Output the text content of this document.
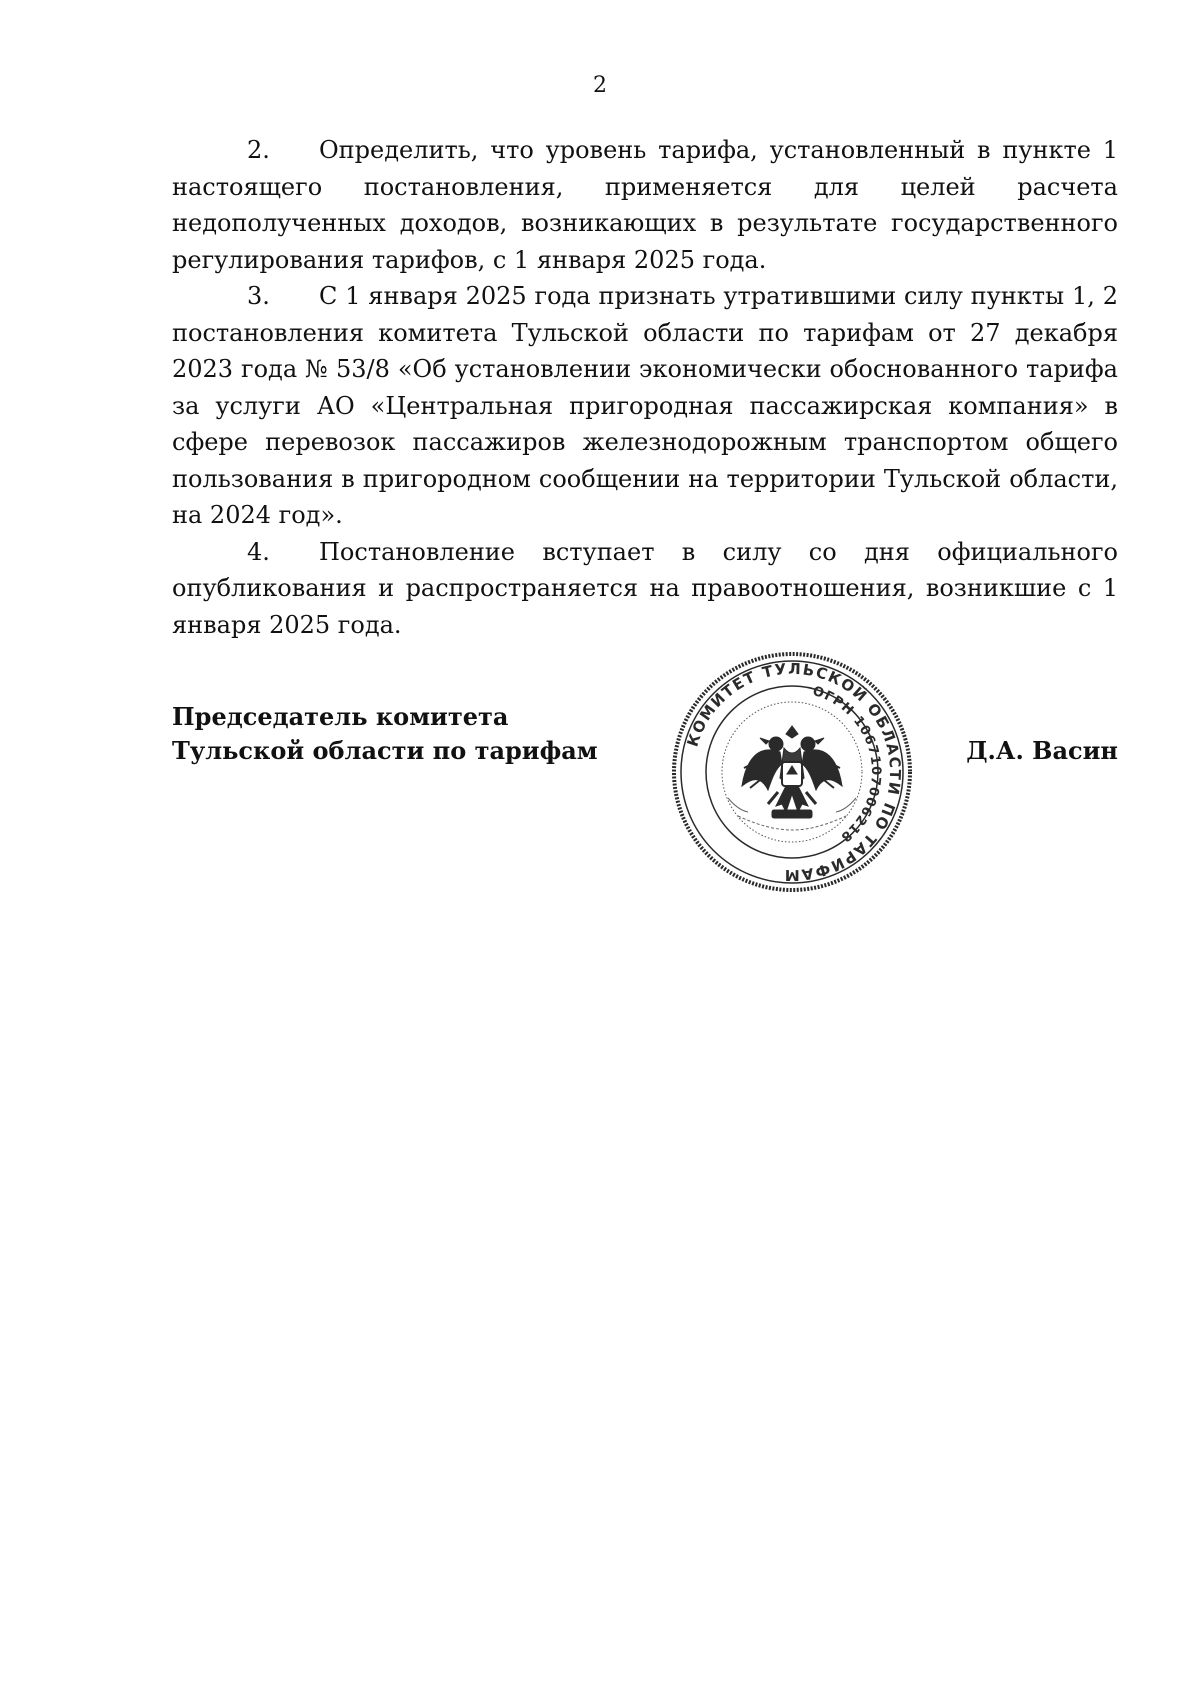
2

2. Определить, что уровень тарифа, установленный в пункте 1 настоящего постановления, применяется для целей расчета недополученных доходов, возникающих в результате государственного регулирования тарифов, с 1 января 2025 года.

3. С 1 января 2025 года признать утратившими силу пункты 1, 2 постановления комитета Тульской области по тарифам от 27 декабря 2023 года № 53/8 «Об установлении экономически обоснованного тарифа за услуги АО «Центральная пригородная пассажирская компания» в сфере перевозок пассажиров железнодорожным транспортом общего пользования в пригородном сообщении на территории Тульской области, на 2024 год».

4. Постановление вступает в силу со дня официального опубликования и распространяется на правоотношения, возникшие с 1 января 2025 года.

Председатель комитета
Тульской области по тарифам	Д.А. Васин
КОМИТЕТ ТУЛЬСКОЙ ОБЛАСТИ ПО ТАРИФАМ
ОГРН 1067107006218
